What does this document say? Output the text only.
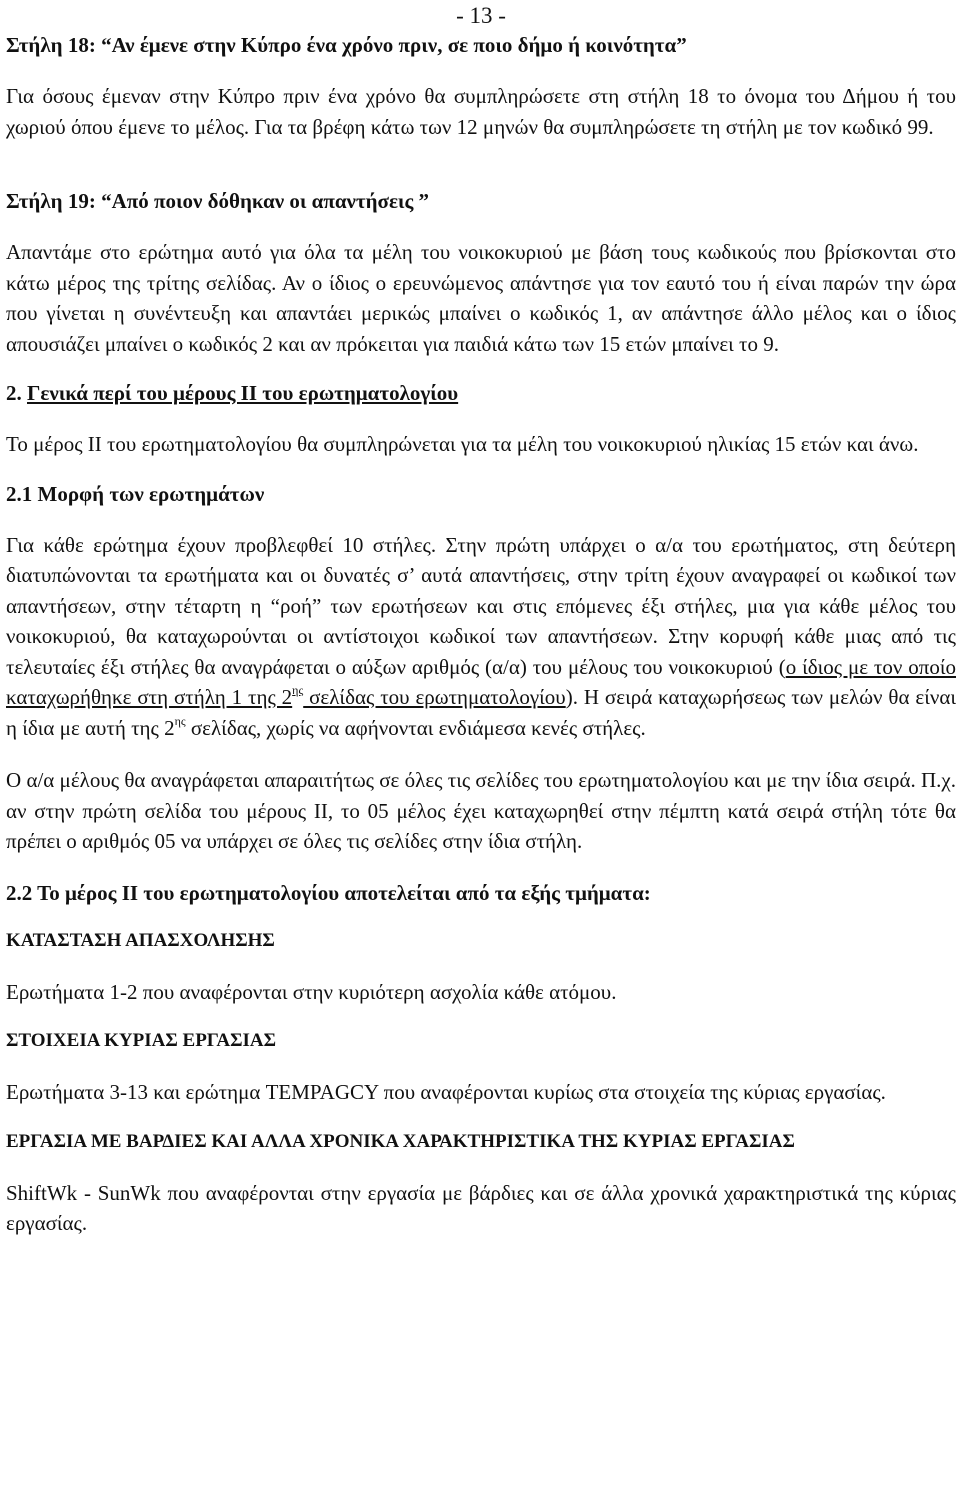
- 13 -

Στήλη 18: “Αν έμενε στην Κύπρο ένα χρόνο πριν, σε ποιο δήμο ή κοινότητα”

Για όσους έμεναν στην Κύπρο πριν ένα χρόνο θα συμπληρώσετε στη στήλη 18 το όνομα του Δήμου ή του χωριού όπου έμενε το μέλος. Για τα βρέφη κάτω των 12 μηνών θα συμπληρώσετε τη στήλη με τον κωδικό 99.

Στήλη 19: “Από ποιον δόθηκαν οι απαντήσεις ”

Απαντάμε στο ερώτημα αυτό για όλα τα μέλη του νοικοκυριού με βάση τους κωδικούς που βρίσκονται στο κάτω μέρος της τρίτης σελίδας. Αν ο ίδιος ο ερευνώμενος απάντησε για τον εαυτό του ή είναι παρών την ώρα που γίνεται η συνέντευξη και απαντάει μερικώς μπαίνει ο κωδικός 1, αν απάντησε άλλο μέλος και ο ίδιος απουσιάζει μπαίνει ο κωδικός 2 και αν πρόκειται για παιδιά κάτω των 15 ετών μπαίνει το 9.

2. Γενικά περί του μέρους ΙΙ του ερωτηματολογίου

Το μέρος ΙΙ του ερωτηματολογίου θα συμπληρώνεται για τα μέλη του νοικοκυριού ηλικίας 15 ετών και άνω.

2.1 Μορφή των ερωτημάτων

Για κάθε ερώτημα έχουν προβλεφθεί 10 στήλες. Στην πρώτη υπάρχει ο α/α του ερωτήματος, στη δεύτερη διατυπώνονται τα ερωτήματα και οι δυνατές σ’ αυτά απαντήσεις, στην τρίτη έχουν αναγραφεί οι κωδικοί των απαντήσεων, στην τέταρτη η “ροή” των ερωτήσεων και στις επόμενες έξι στήλες, μια για κάθε μέλος του νοικοκυριού, θα καταχωρούνται οι αντίστοιχοι κωδικοί των απαντήσεων. Στην κορυφή κάθε μιας από τις τελευταίες έξι στήλες θα αναγράφεται ο αύξων αριθμός (α/α) του μέλους του νοικοκυριού (ο ίδιος με τον οποίο καταχωρήθηκε στη στήλη 1 της $2^{\eta\varsigma}$ σελίδας του ερωτηματολογίου). Η σειρά καταχωρήσεως των μελών θα είναι η ίδια με αυτή της $2^{\eta\varsigma}$ σελίδας, χωρίς να αφήνονται ενδιάμεσα κενές στήλες.

Ο α/α μέλους θα αναγράφεται απαραιτήτως σε όλες τις σελίδες του ερωτηματολογίου και με την ίδια σειρά. Π.χ. αν στην πρώτη σελίδα του μέρους ΙΙ, το 05 μέλος έχει καταχωρηθεί στην πέμπτη κατά σειρά στήλη τότε θα πρέπει ο αριθμός 05 να υπάρχει σε όλες τις σελίδες στην ίδια στήλη.

2.2 Το μέρος ΙΙ του ερωτηματολογίου αποτελείται από τα εξής τμήματα:

ΚΑΤΑΣΤΑΣΗ ΑΠΑΣΧΟΛΗΣΗΣ

Ερωτήματα 1-2 που αναφέρονται στην κυριότερη ασχολία κάθε ατόμου.

ΣΤΟΙΧΕΙΑ ΚΥΡΙΑΣ ΕΡΓΑΣΙΑΣ

Ερωτήματα 3-13 και ερώτημα TEMPAGCY που αναφέρονται κυρίως στα στοιχεία της κύριας εργασίας.

ΕΡΓΑΣΙΑ ΜΕ ΒΑΡΔΙΕΣ ΚΑΙ ΑΛΛΑ ΧΡΟΝΙΚΑ ΧΑΡΑΚΤΗΡΙΣΤΙΚΑ ΤΗΣ ΚΥΡΙΑΣ ΕΡΓΑΣΙΑΣ

ShiftWk - SunWk που αναφέρονται στην εργασία με βάρδιες και σε άλλα χρονικά χαρακτηριστικά της κύριας εργασίας.
